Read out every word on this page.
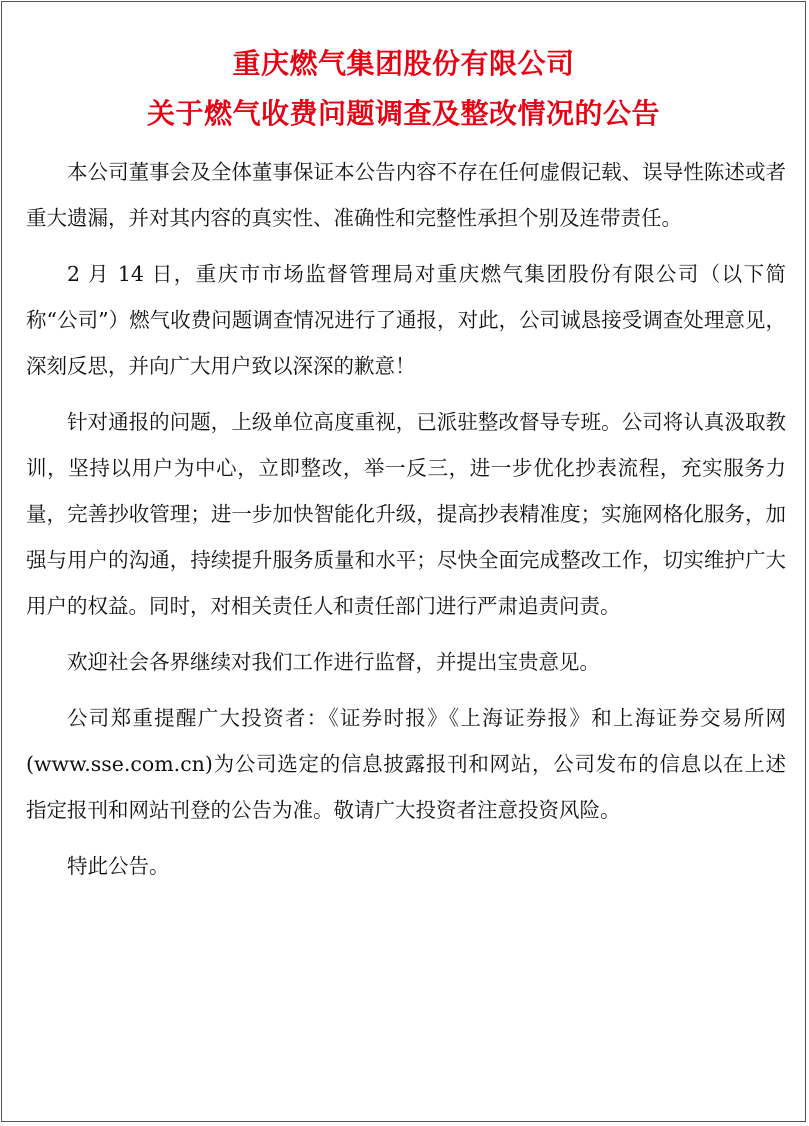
重庆燃气集团股份有限公司
关于燃气收费问题调查及整改情况的公告

本公司董事会及全体董事保证本公告内容不存在任何虚假记载、误导性陈述或者重大遗漏，并对其内容的真实性、准确性和完整性承担个别及连带责任。

2 月 14 日，重庆市市场监督管理局对重庆燃气集团股份有限公司（以下简称“公司”）燃气收费问题调查情况进行了通报，对此，公司诚恳接受调查处理意见，深刻反思，并向广大用户致以深深的歉意！

针对通报的问题，上级单位高度重视，已派驻整改督导专班。公司将认真汲取教训，坚持以用户为中心，立即整改，举一反三，进一步优化抄表流程，充实服务力量，完善抄收管理；进一步加快智能化升级，提高抄表精准度；实施网格化服务，加强与用户的沟通，持续提升服务质量和水平；尽快全面完成整改工作，切实维护广大用户的权益。同时，对相关责任人和责任部门进行严肃追责问责。

欢迎社会各界继续对我们工作进行监督，并提出宝贵意见。

公司郑重提醒广大投资者：《证券时报》《上海证券报》和上海证券交易所网(www.sse.com.cn)为公司选定的信息披露报刊和网站，公司发布的信息以在上述指定报刊和网站刊登的公告为准。敬请广大投资者注意投资风险。

特此公告。
